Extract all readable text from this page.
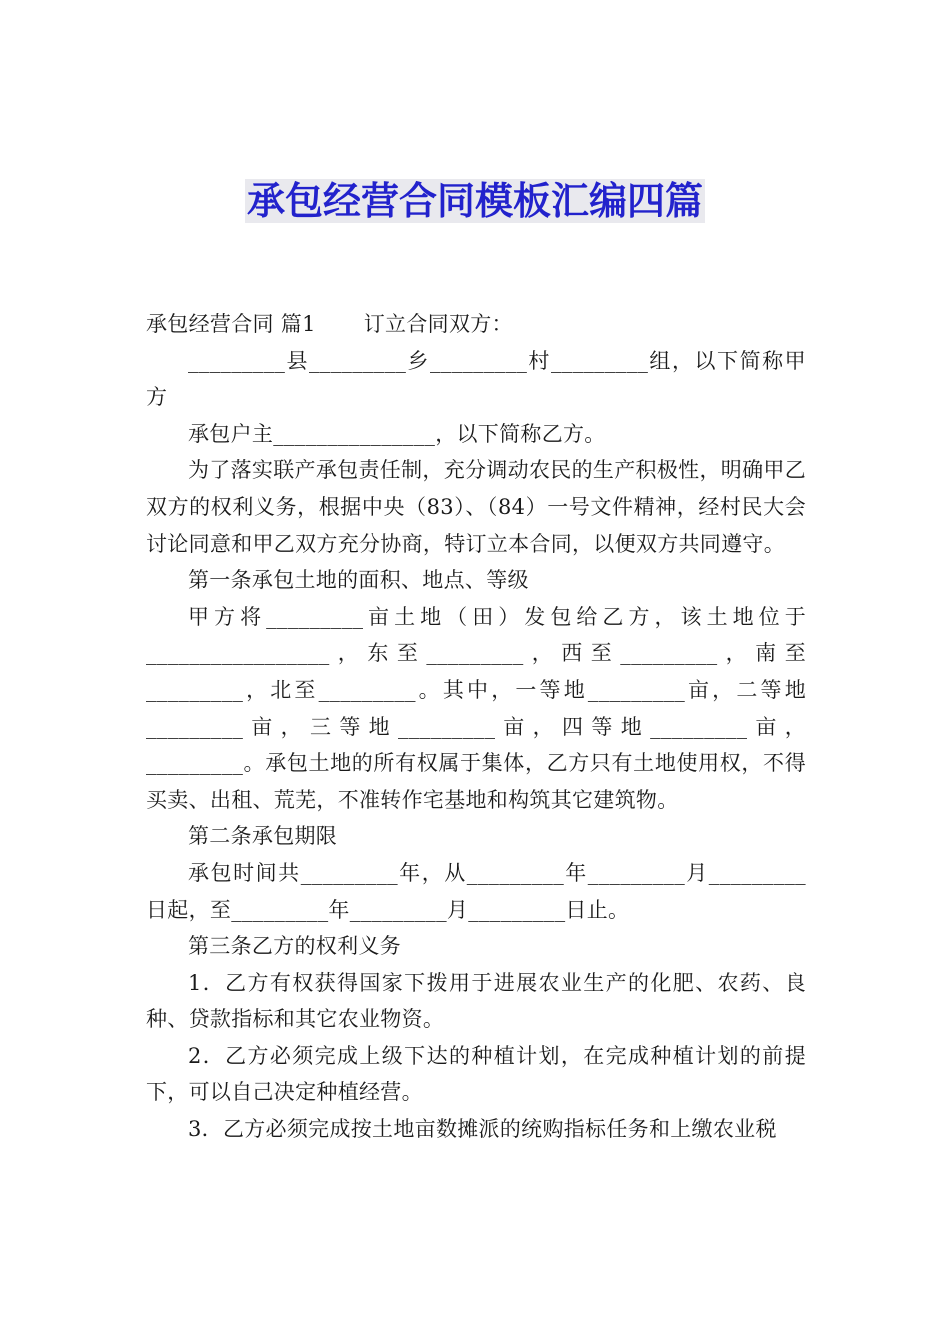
承包经营合同模板汇编四篇

承包经营合同 篇1 订立合同双方：

_________县_________乡_________村_________组，以下简称甲方

承包户主_______________，以下简称乙方。

为了落实联产承包责任制，充分调动农民的生产积极性，明确甲乙双方的权利义务，根据中央（83）、（84）一号文件精神，经村民大会讨论同意和甲乙双方充分协商，特订立本合同，以便双方共同遵守。

第一条承包土地的面积、地点、等级

甲方将_________亩土地（田）发包给乙方，该土地位于_________________，东至_________，西至_________，南至_________，北至_________。其中，一等地_________亩，二等地_________亩，三等地_________亩，四等地_________亩，_________。承包土地的所有权属于集体，乙方只有土地使用权，不得买卖、出租、荒芜，不准转作宅基地和构筑其它建筑物。

第二条承包期限

承包时间共_________年，从_________年_________月_________日起，至_________年_________月_________日止。

第三条乙方的权利义务

1．乙方有权获得国家下拨用于进展农业生产的化肥、农药、良种、贷款指标和其它农业物资。

2．乙方必须完成上级下达的种植计划，在完成种植计划的前提下，可以自己决定种植经营。

3．乙方必须完成按土地亩数摊派的统购指标任务和上缴农业税
